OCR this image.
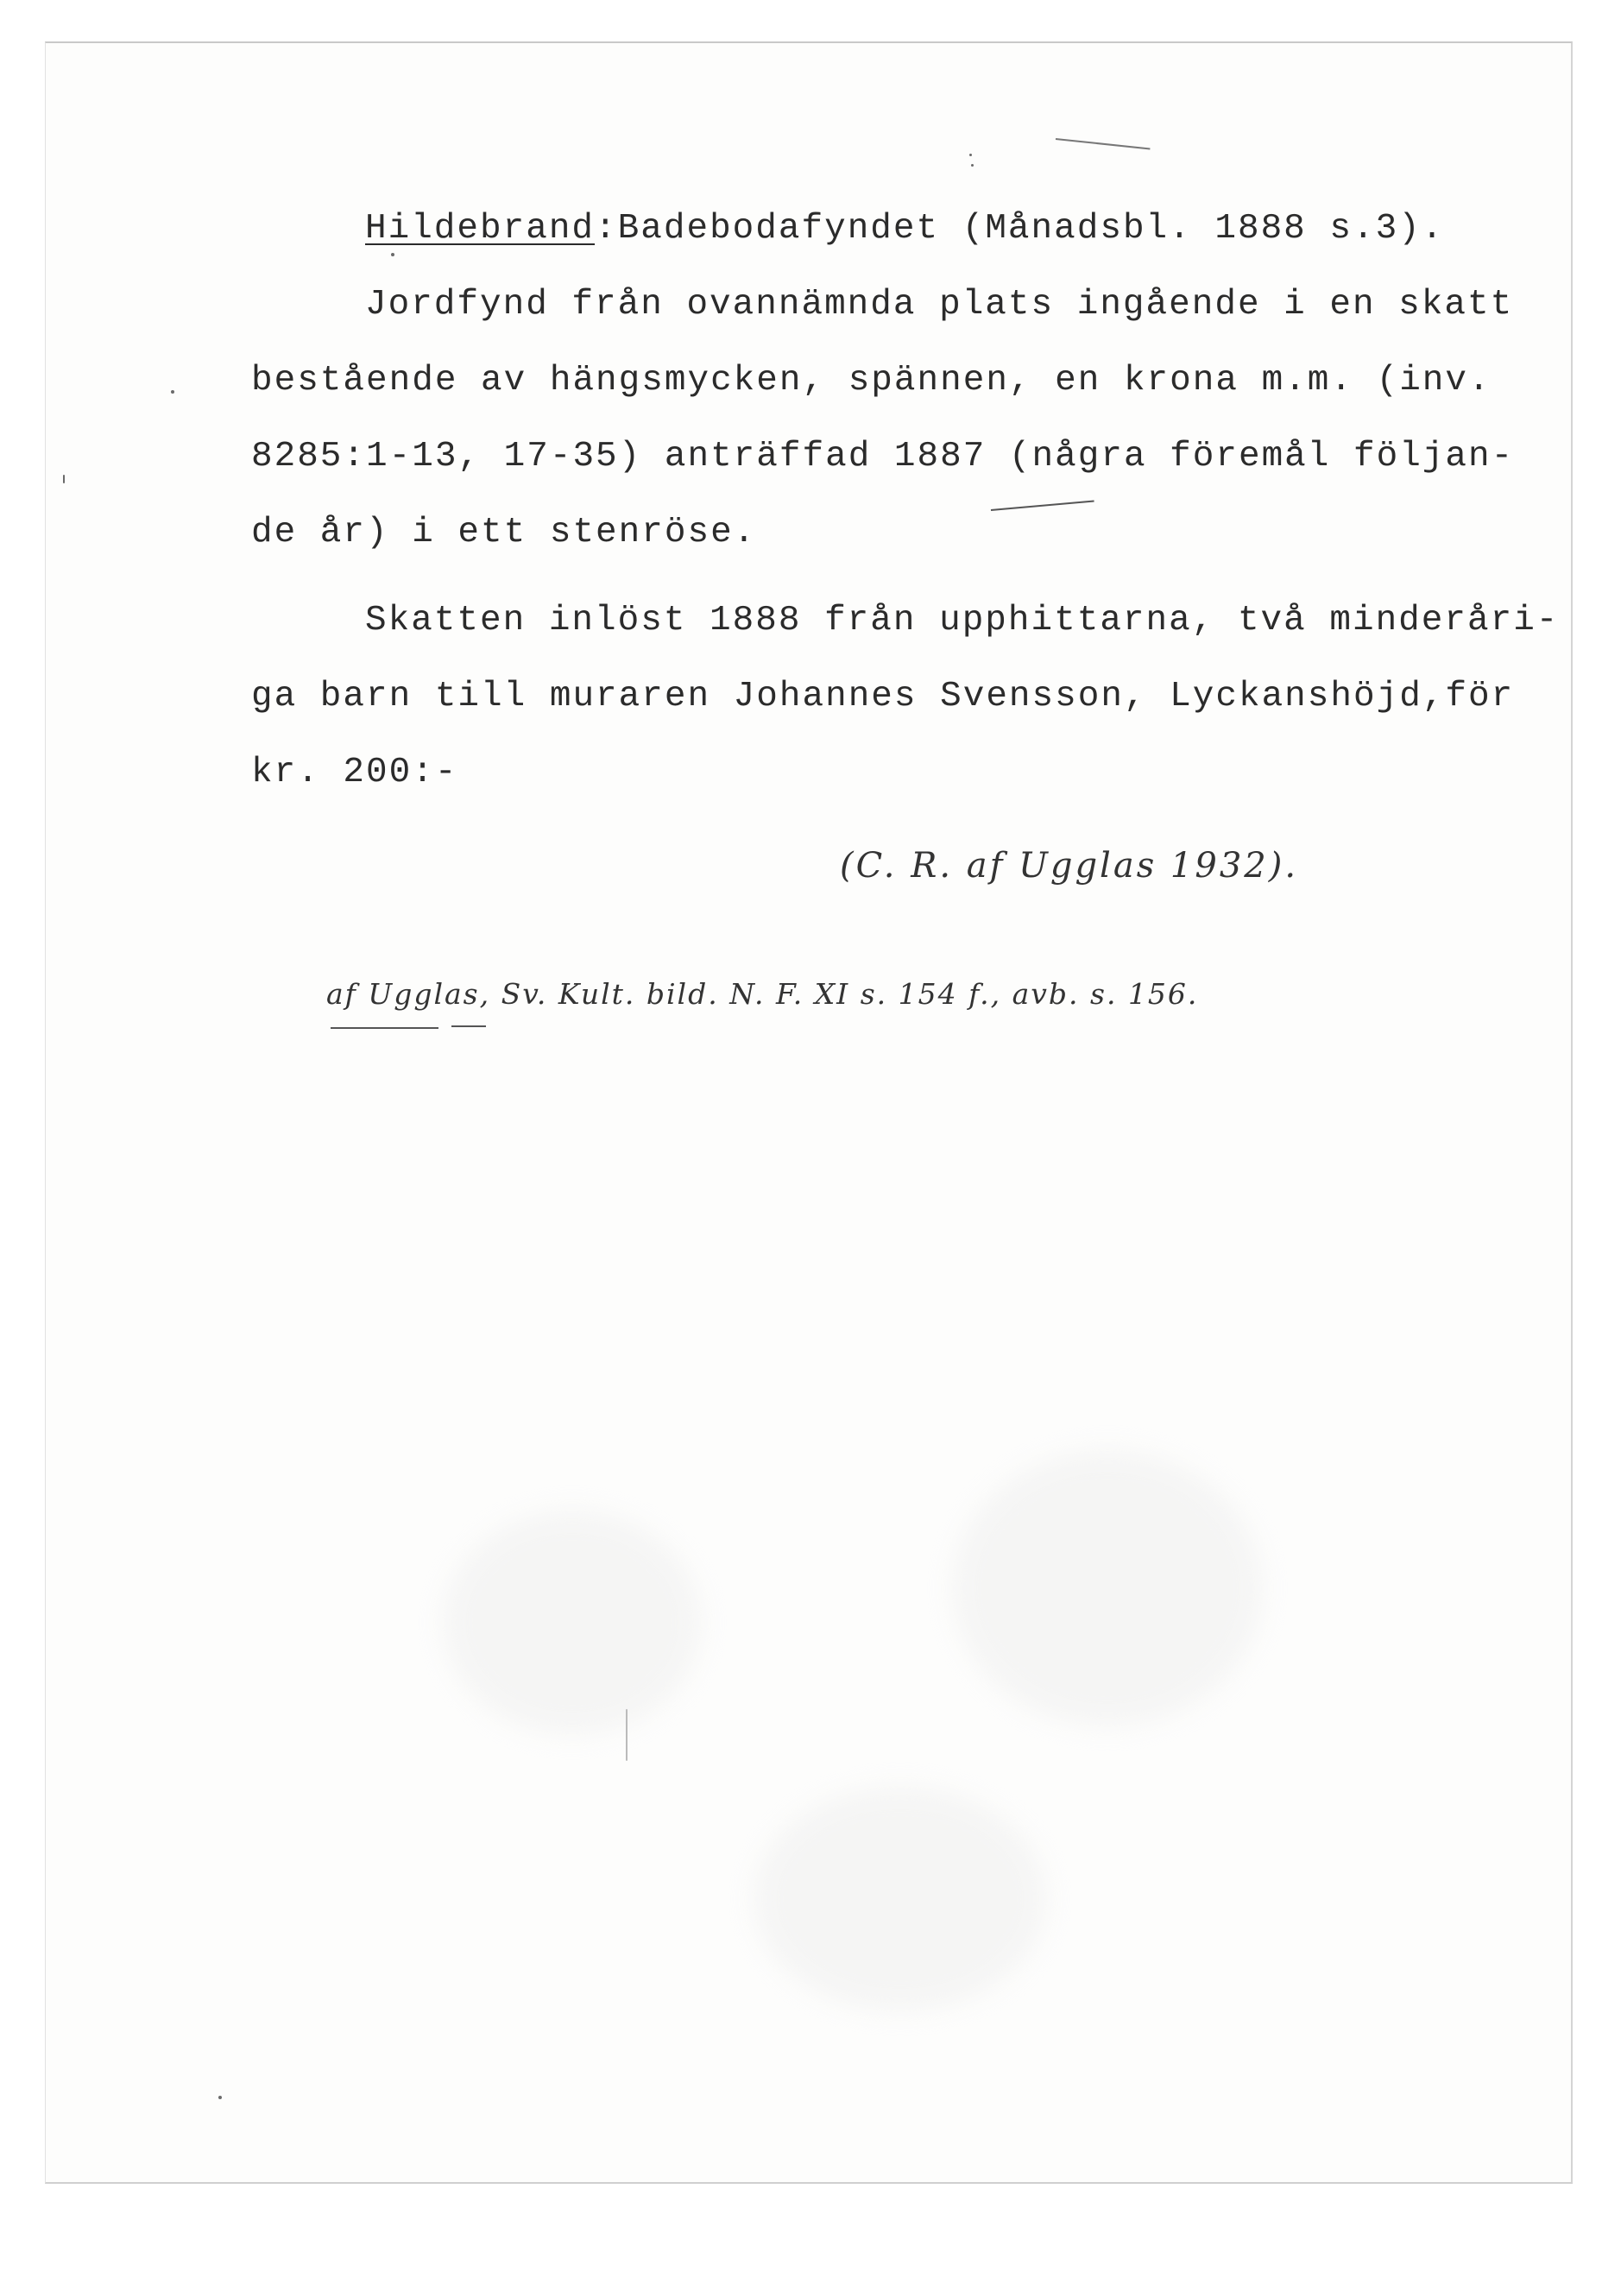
Hildebrand:Badebodafyndet (Månadsbl. 1888 s.3).
Jordfynd från ovannämnda plats ingående i en skatt
bestående av hängsmycken, spännen, en krona m.m. (inv.
8285:1-13, 17-35) anträffad 1887 (några föremål följan-
de år) i ett stenröse.
Skatten inlöst 1888 från upphittarna, två minderåri-
ga barn till muraren Johannes Svensson, Lyckanshöjd,för
kr. 200:-
(C. R. af Ugglas 1932).
af Ugglas, Sv. Kult. bild. N. F. XI s. 154 f., avb. s. 156.
